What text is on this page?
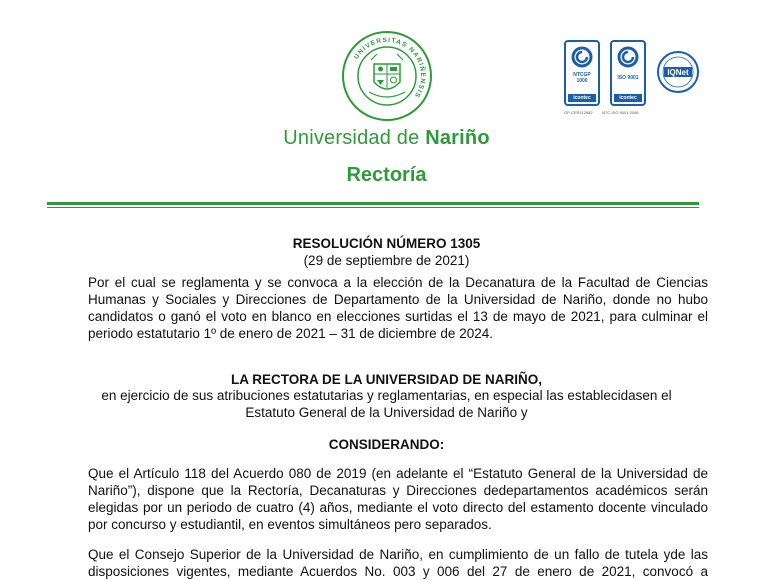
UNIVERSITAS NARIÑENSIS
NTCGP
1000
icontec
GP-CER112982
ISO 9001
icontec
NTC-ISO 9001:2008
IQNet
Universidad de Nariño
Rectoría
RESOLUCIÓN NÚMERO 1305
(29 de septiembre de 2021)
Por el cual se reglamenta y se convoca a la elección de la Decanatura de la Facultad de Ciencias
Humanas y Sociales y Direcciones de Departamento de la Universidad de Nariño, donde no hubo
candidatos o ganó el voto en blanco en elecciones surtidas el 13 de mayo de 2021, para culminar el
periodo estatutario 1º de enero de 2021 – 31 de diciembre de 2024.
LA RECTORA DE LA UNIVERSIDAD DE NARIÑO,
en ejercicio de sus atribuciones estatutarias y reglamentarias, en especial las establecidasen el
Estatuto General de la Universidad de Nariño y
CONSIDERANDO:
Que el Artículo 118 del Acuerdo 080 de 2019 (en adelante el “Estatuto General de la Universidad de
Nariño”), dispone que la Rectoría, Decanaturas y Direcciones dedepartamentos académicos serán
elegidas por un periodo de cuatro (4) años, mediante el voto directo del estamento docente vinculado
por concurso y estudiantil, en eventos simultáneos pero separados.
Que el Consejo Superior de la Universidad de Nariño, en cumplimiento de un fallo de tutela yde las
disposiciones vigentes, mediante Acuerdos No. 003 y 006 del 27 de enero de 2021, convocó a
